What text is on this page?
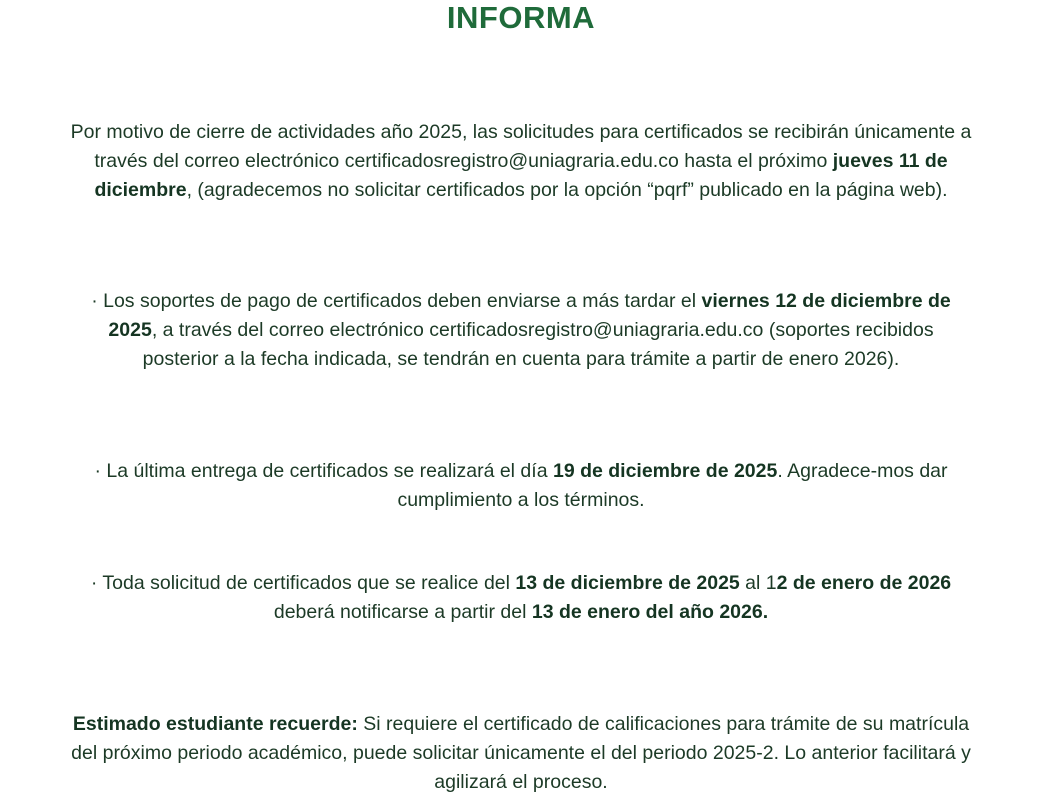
INFORMA
Por motivo de cierre de actividades año 2025, las solicitudes para certificados se recibirán únicamente a través del correo electrónico certificadosregistro@uniagraria.edu.co hasta el próximo jueves 11 de diciembre, (agradecemos no solicitar certificados por la opción “pqrf” publicado en la página web).
· Los soportes de pago de certificados deben enviarse a más tardar el viernes 12 de diciembre de 2025, a través del correo electrónico certificadosregistro@uniagraria.edu.co (soportes recibidos posterior a la fecha indicada, se tendrán en cuenta para trámite a partir de enero 2026).
· La última entrega de certificados se realizará el día 19 de diciembre de 2025. Agradece-mos dar cumplimiento a los términos.
· Toda solicitud de certificados que se realice del 13 de diciembre de 2025 al 12 de enero de 2026 deberá notificarse a partir del 13 de enero del año 2026.
Estimado estudiante recuerde: Si requiere el certificado de calificaciones para trámite de su matrícula del próximo periodo académico, puede solicitar únicamente el del periodo 2025-2. Lo anterior facilitará y agilizará el proceso.
